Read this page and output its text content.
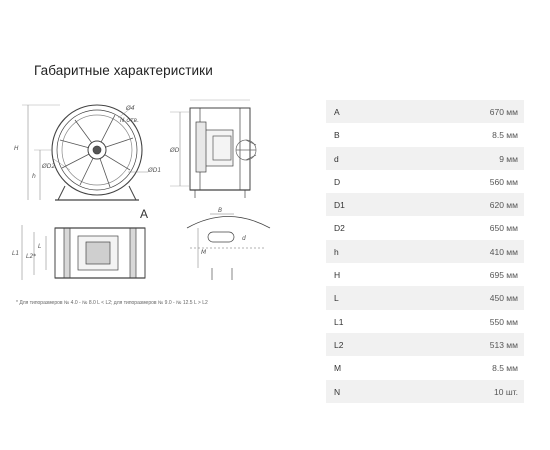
Габаритные характеристики
H
h
Ø4
N отв.
ØD2
ØD1
ØD
L1 L2*
L
M
B
d
A
* Для типоразмеров № 4.0 - № 8.0 L < L2; для типоразмеров № 9.0 - № 12.5 L > L2
A	670 мм
B	8.5 мм
d	9 мм
D	560 мм
D1	620 мм
D2	650 мм
h	410 мм
H	695 мм
L	450 мм
L1	550 мм
L2	513 мм
M	8.5 мм
N	10 шт.
